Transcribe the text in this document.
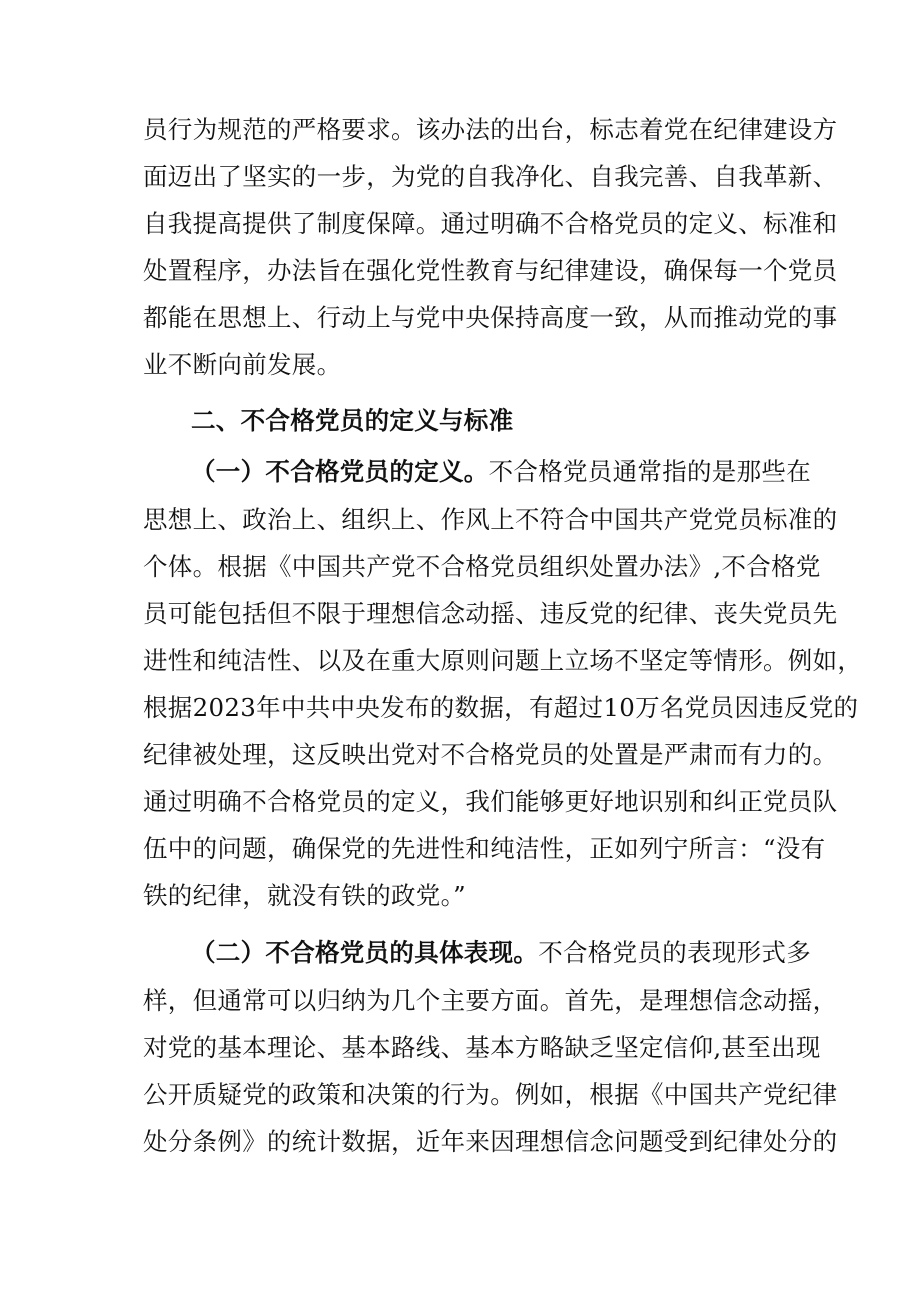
员行为规范的严格要求。该办法的出台，标志着党在纪律建设方
面迈出了坚实的一步，为党的自我净化、自我完善、自我革新、
自我提高提供了制度保障。通过明确不合格党员的定义、标准和
处置程序，办法旨在强化党性教育与纪律建设，确保每一个党员
都能在思想上、行动上与党中央保持高度一致，从而推动党的事
业不断向前发展。
二、不合格党员的定义与标准
（一）不合格党员的定义。不合格党员通常指的是那些在
思想上、政治上、组织上、作风上不符合中国共产党党员标准的
个体。根据《中国共产党不合格党员组织处置办法》,不合格党
员可能包括但不限于理想信念动摇、违反党的纪律、丧失党员先
进性和纯洁性、以及在重大原则问题上立场不坚定等情形。例如，
根据2023年中共中央发布的数据，有超过10万名党员因违反党的
纪律被处理，这反映出党对不合格党员的处置是严肃而有力的。
通过明确不合格党员的定义，我们能够更好地识别和纠正党员队
伍中的问题，确保党的先进性和纯洁性，正如列宁所言：“没有
铁的纪律，就没有铁的政党。”
（二）不合格党员的具体表现。不合格党员的表现形式多
样，但通常可以归纳为几个主要方面。首先，是理想信念动摇，
对党的基本理论、基本路线、基本方略缺乏坚定信仰,甚至出现
公开质疑党的政策和决策的行为。例如，根据《中国共产党纪律
处分条例》的统计数据，近年来因理想信念问题受到纪律处分的
